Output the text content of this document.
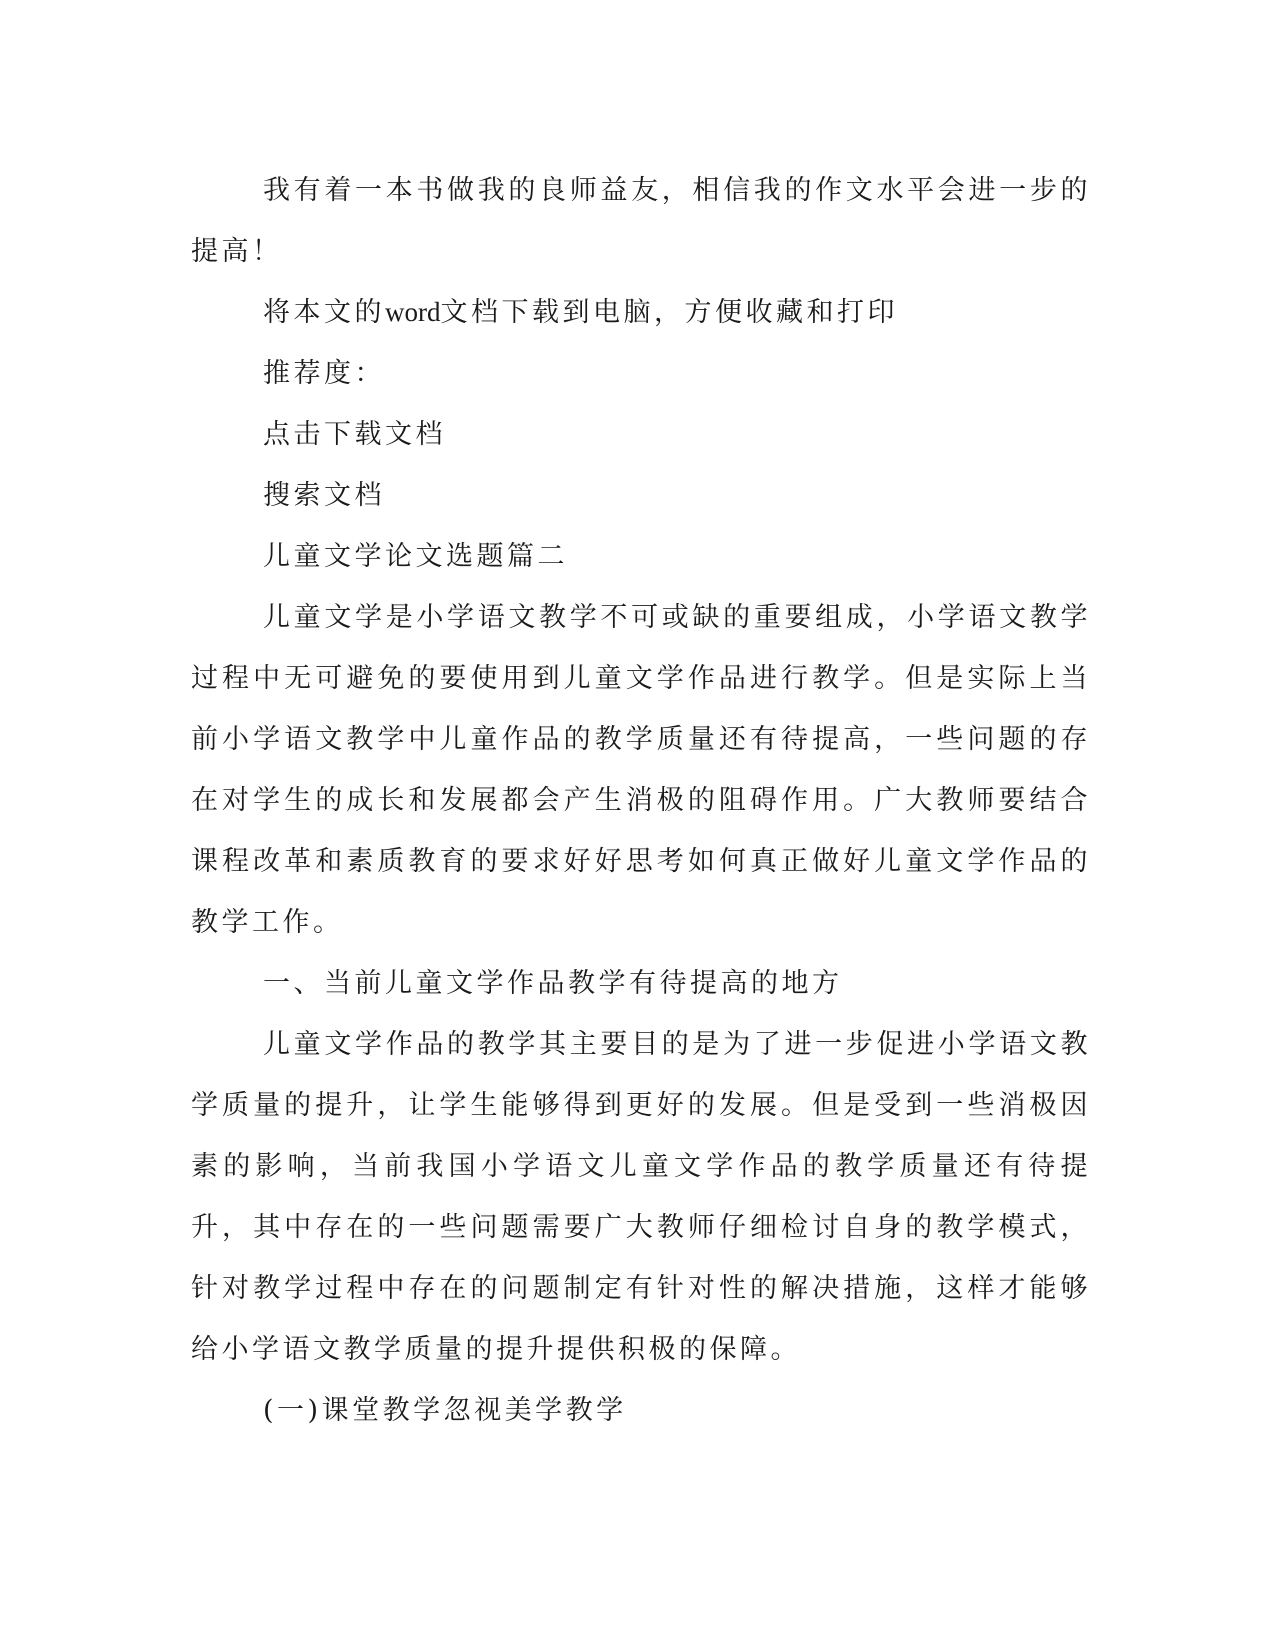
我有着一本书做我的良师益友，相信我的作文水平会进一步的提高！

将本文的word文档下载到电脑，方便收藏和打印

推荐度：

点击下载文档

搜索文档

儿童文学论文选题篇二

儿童文学是小学语文教学不可或缺的重要组成，小学语文教学过程中无可避免的要使用到儿童文学作品进行教学。但是实际上当前小学语文教学中儿童作品的教学质量还有待提高，一些问题的存在对学生的成长和发展都会产生消极的阻碍作用。广大教师要结合课程改革和素质教育的要求好好思考如何真正做好儿童文学作品的教学工作。

一、当前儿童文学作品教学有待提高的地方

儿童文学作品的教学其主要目的是为了进一步促进小学语文教学质量的提升，让学生能够得到更好的发展。但是受到一些消极因素的影响，当前我国小学语文儿童文学作品的教学质量还有待提升，其中存在的一些问题需要广大教师仔细检讨自身的教学模式，针对教学过程中存在的问题制定有针对性的解决措施，这样才能够给小学语文教学质量的提升提供积极的保障。

(一)课堂教学忽视美学教学
